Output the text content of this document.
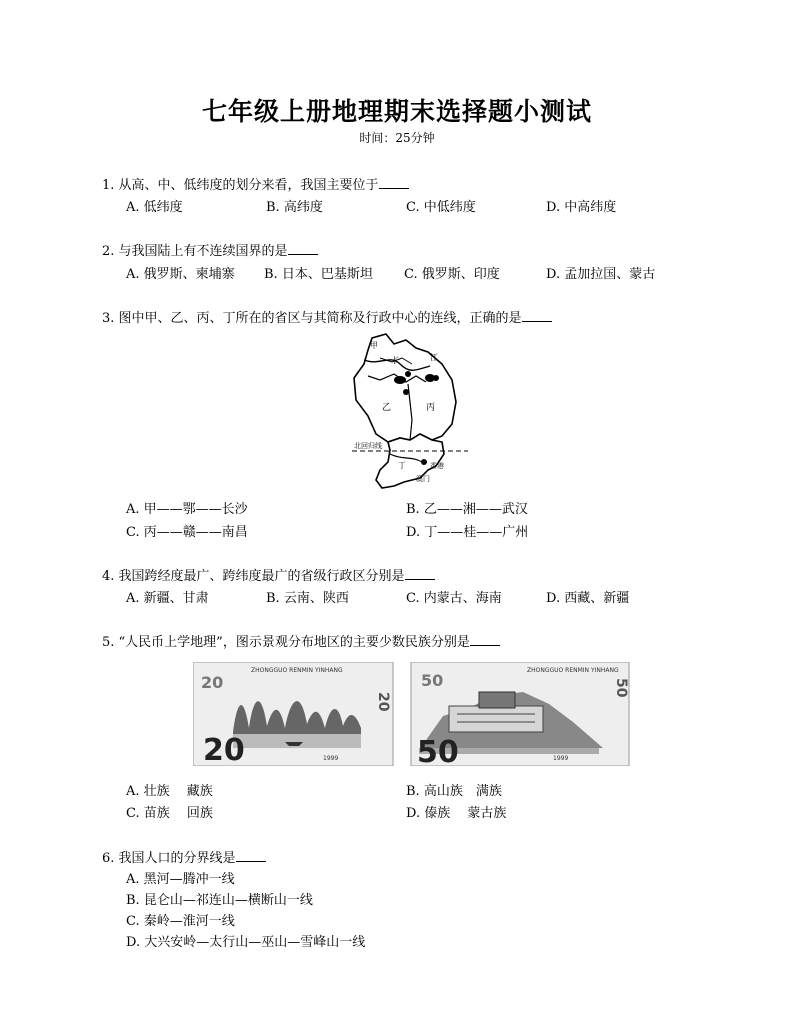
七年级上册地理期末选择题小测试
时间：25分钟
1. 从高、中、低纬度的划分来看，我国主要位于
A. 低纬度	B. 高纬度	C. 中低纬度	D. 中高纬度
2. 与我国陆上有不连续国界的是
A. 俄罗斯、柬埔寨 B. 日本、巴基斯坦 C. 俄罗斯、印度	D. 孟加拉国、蒙古
3. 图中甲、乙、丙、丁所在的省区与其简称及行政中心的连线，正确的是
甲
长	江
乙	丙
北回归线
丁	香港
澳门
A. 甲——鄂——长沙	B. 乙——湘——武汉
C. 丙——赣——南昌	D. 丁——桂——广州
4. 我国跨经度最广、跨纬度最广的省级行政区分别是
A. 新疆、甘肃	B. 云南、陕西	C. 内蒙古、海南	D. 西藏、新疆
5. “人民币上学地理”，图示景观分布地区的主要少数民族分别是
ZHONGGUO RENMIN YINHANG
20
20
20	1999
ZHONGGUO RENMIN YINHANG
50	50
50	1999
A. 壮族　 藏族	B. 高山族　满族
C. 苗族　 回族	D. 傣族　 蒙古族
6. 我国人口的分界线是
A. 黑河—腾冲一线
B. 昆仑山—祁连山—横断山一线
C. 秦岭—淮河一线
D. 大兴安岭—太行山—巫山—雪峰山一线
